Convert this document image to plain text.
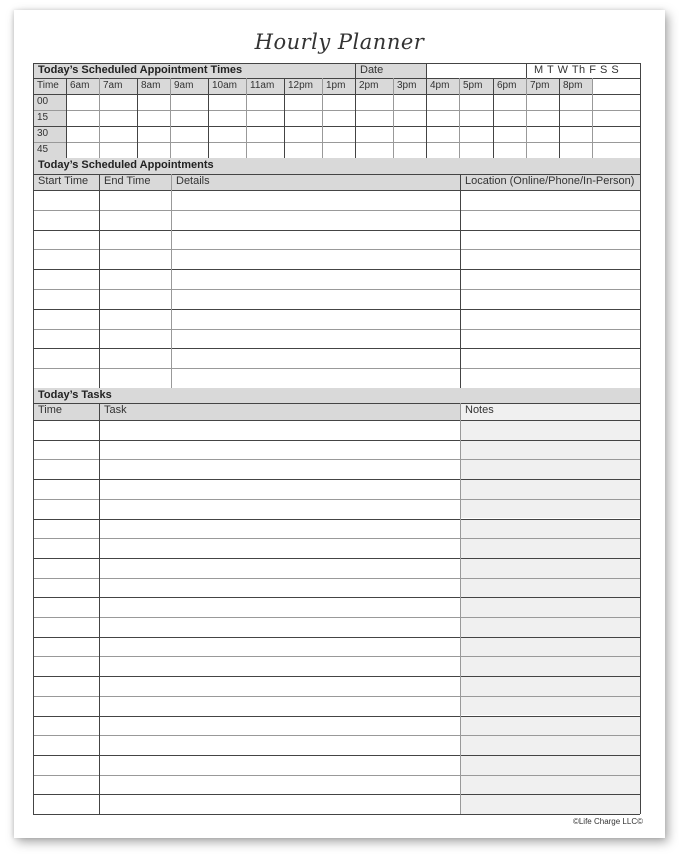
Hourly Planner
Today’s Scheduled Appointment Times	Date	M T W Th F S S
Time	6am	7am	8am	9am	10am	11am	12pm	1pm	2pm	3pm	4pm	5pm	6pm	7pm	8pm
00
15
30
45
Today’s Scheduled Appointments
Start Time	End Time	Details	Location (Online/Phone/In-Person)
Today’s Tasks
Time	Task	Notes
©Life Charge LLC©
